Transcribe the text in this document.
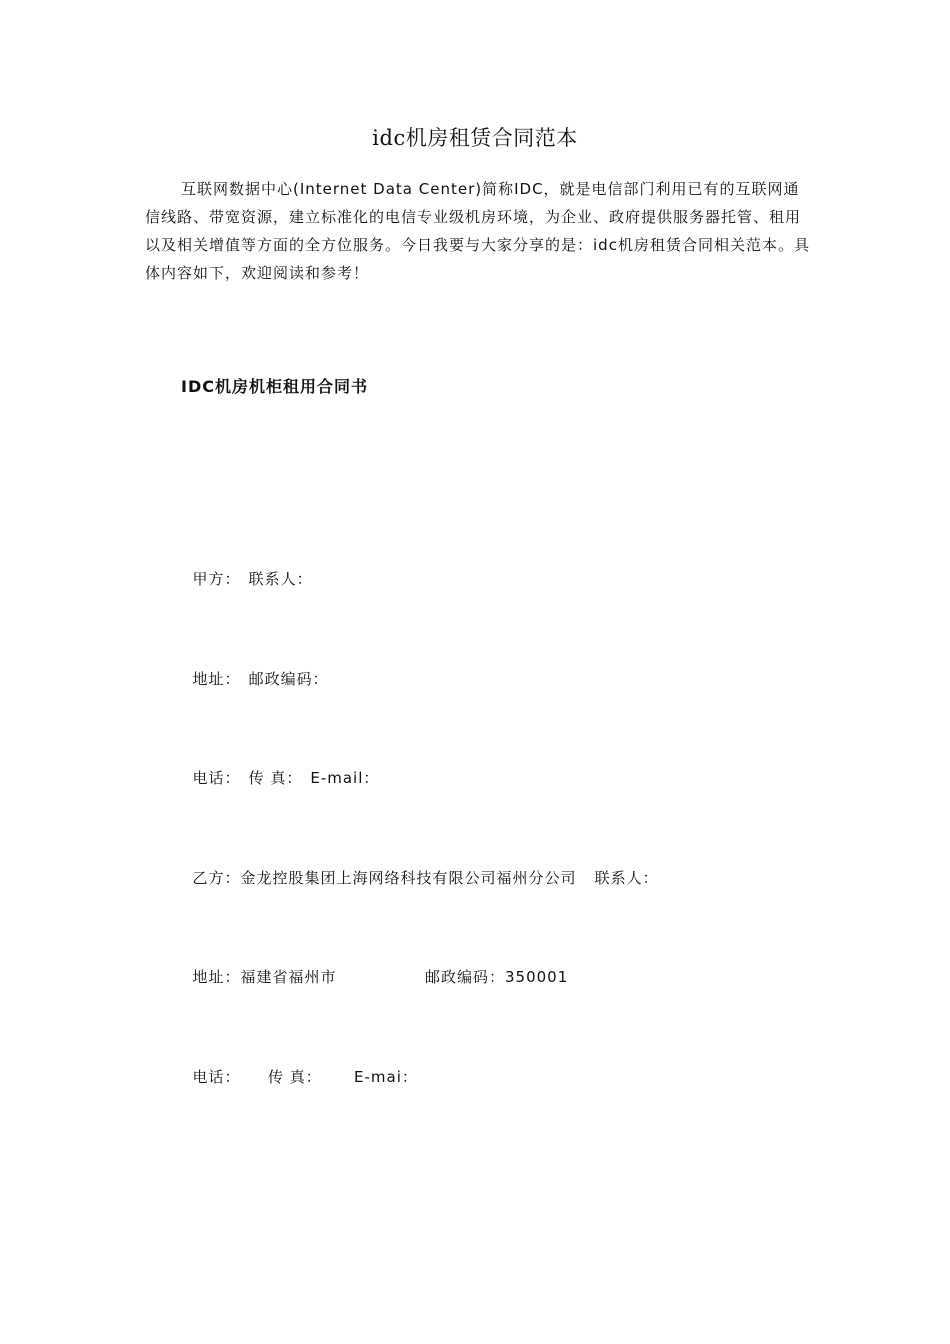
idc机房租赁合同范本

互联网数据中心(Internet Data Center)简称IDC，就是电信部门利用已有的互联网通信线路、带宽资源，建立标准化的电信专业级机房环境，为企业、政府提供服务器托管、租用以及相关增值等方面的全方位服务。今日我要与大家分享的是：idc机房租赁合同相关范本。具体内容如下，欢迎阅读和参考！

IDC机房机柜租用合同书

甲方： 联系人：

地址： 邮政编码：

电话： 传 真： E-mail：

乙方：金龙控股集团上海网络科技有限公司福州分公司 联系人：

地址：福建省福州市	邮政编码：350001

电话： 传 真： E-mai：
